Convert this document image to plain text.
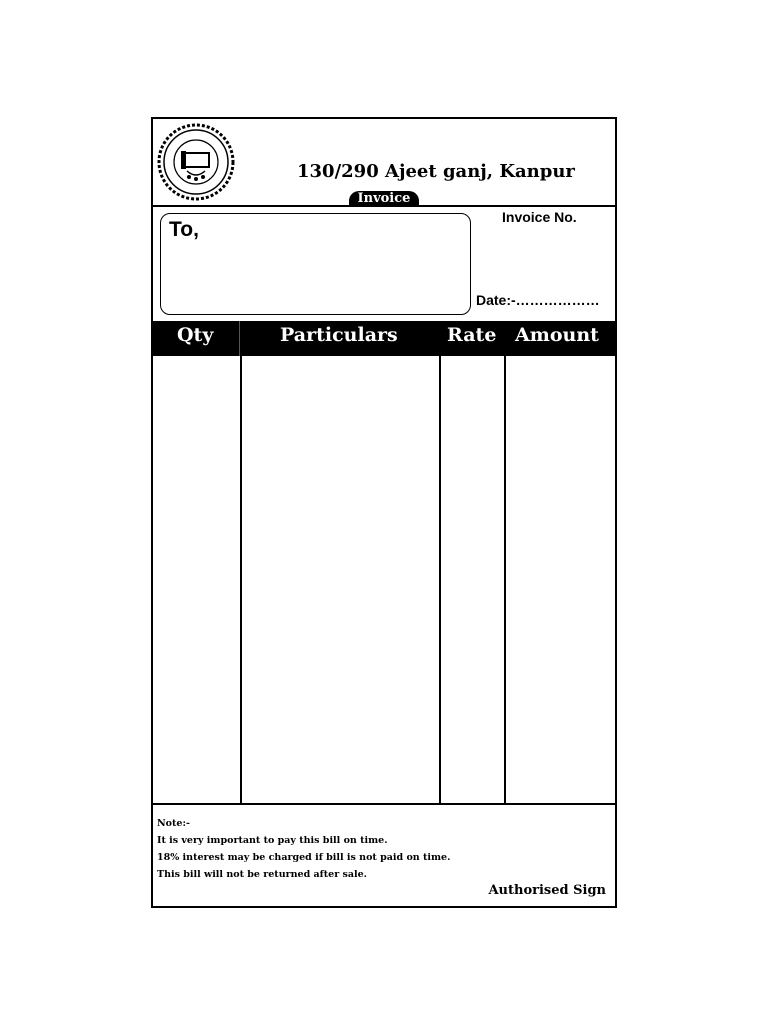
130/290 Ajeet ganj, Kanpur
Invoice
To,
Invoice No.
Date:-………………
Qty	Particulars	Rate Amount
Note:-
It is very important to pay this bill on time.
18% interest may be charged if bill is not paid on time.
This bill will not be returned after sale.
Authorised Sign
